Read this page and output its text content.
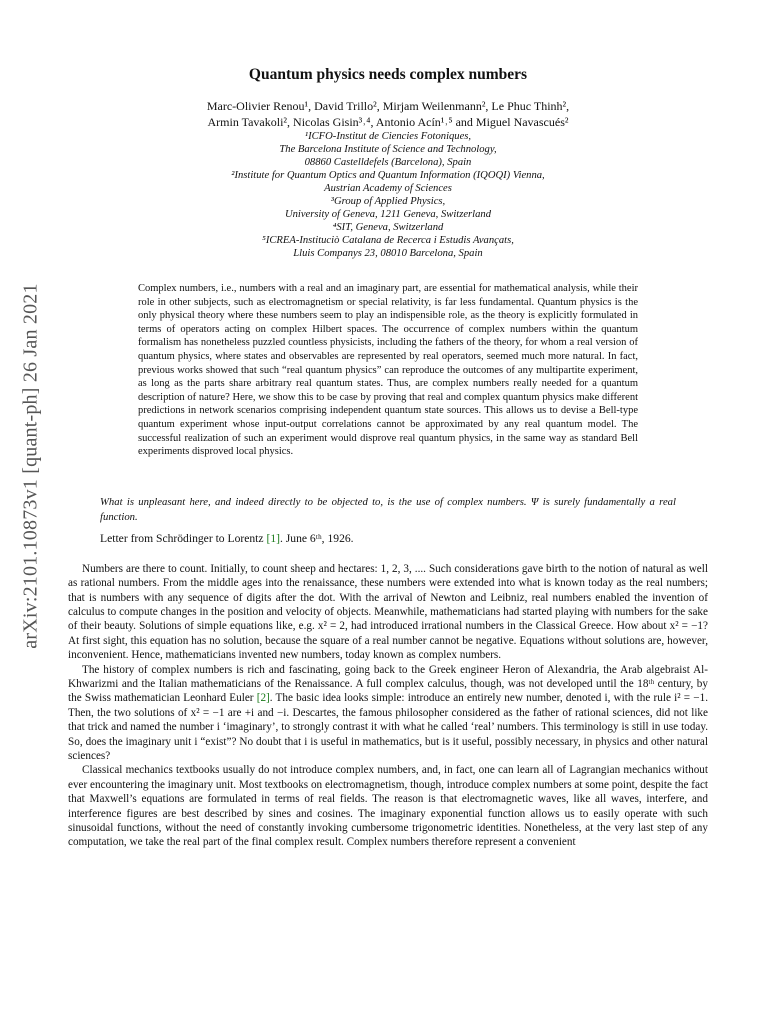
arXiv:2101.10873v1 [quant-ph] 26 Jan 2021
Quantum physics needs complex numbers
Marc-Olivier Renou¹, David Trillo², Mirjam Weilenmann², Le Phuc Thinh²,
Armin Tavakoli², Nicolas Gisin³˒⁴, Antonio Acín¹˒⁵ and Miguel Navascués²
¹ICFO-Institut de Ciencies Fotoniques,
The Barcelona Institute of Science and Technology,
08860 Castelldefels (Barcelona), Spain
²Institute for Quantum Optics and Quantum Information (IQOQI) Vienna,
Austrian Academy of Sciences
³Group of Applied Physics,
University of Geneva, 1211 Geneva, Switzerland
⁴SIT, Geneva, Switzerland
⁵ICREA-Instituciò Catalana de Recerca i Estudis Avançats,
Lluis Companys 23, 08010 Barcelona, Spain
Complex numbers, i.e., numbers with a real and an imaginary part, are essential for mathematical analysis, while their role in other subjects, such as electromagnetism or special relativity, is far less fundamental. Quantum physics is the only physical theory where these numbers seem to play an indispensible role, as the theory is explicitly formulated in terms of operators acting on complex Hilbert spaces. The occurrence of complex numbers within the quantum formalism has nonetheless puzzled countless physicists, including the fathers of the theory, for whom a real version of quantum physics, where states and observables are represented by real operators, seemed much more natural. In fact, previous works showed that such “real quantum physics” can reproduce the outcomes of any multipartite experiment, as long as the parts share arbitrary real quantum states. Thus, are complex numbers really needed for a quantum description of nature? Here, we show this to be case by proving that real and complex quantum physics make different predictions in network scenarios comprising independent quantum state sources. This allows us to devise a Bell-type quantum experiment whose input-output correlations cannot be approximated by any real quantum model. The successful realization of such an experiment would disprove real quantum physics, in the same way as standard Bell experiments disproved local physics.
What is unpleasant here, and indeed directly to be objected to, is the use of complex numbers. Ψ is surely fundamentally a real function.
Letter from Schrödinger to Lorentz [1]. June 6ᵗʰ, 1926.

Numbers are there to count. Initially, to count sheep and hectares: 1, 2, 3, .... Such considerations gave birth to the notion of natural as well as rational numbers. From the middle ages into the renaissance, these numbers were extended into what is known today as the real numbers; that is numbers with any sequence of digits after the dot. With the arrival of Newton and Leibniz, real numbers enabled the invention of calculus to compute changes in the position and velocity of objects. Meanwhile, mathematicians had started playing with numbers for the sake of their beauty. Solutions of simple equations like, e.g. x² = 2, had introduced irrational numbers in the Classical Greece. How about x² = −1? At first sight, this equation has no solution, because the square of a real number cannot be negative. Equations without solutions are, however, inconvenient. Hence, mathematicians invented new numbers, today known as complex numbers.

The history of complex numbers is rich and fascinating, going back to the Greek engineer Heron of Alexandria, the Arab algebraist Al-Khwarizmi and the Italian mathematicians of the Renaissance. A full complex calculus, though, was not developed until the 18ᵗʰ century, by the Swiss mathematician Leonhard Euler [2]. The basic idea looks simple: introduce an entirely new number, denoted i, with the rule i² = −1. Then, the two solutions of x² = −1 are +i and −i. Descartes, the famous philosopher considered as the father of rational sciences, did not like that trick and named the number i ‘imaginary’, to strongly contrast it with what he called ‘real’ numbers. This terminology is still in use today. So, does the imaginary unit i “exist”? No doubt that i is useful in mathematics, but is it useful, possibly necessary, in physics and other natural sciences?

Classical mechanics textbooks usually do not introduce complex numbers, and, in fact, one can learn all of Lagrangian mechanics without ever encountering the imaginary unit. Most textbooks on electromagnetism, though, introduce complex numbers at some point, despite the fact that Maxwell’s equations are formulated in terms of real fields. The reason is that electromagnetic waves, like all waves, interfere, and interference figures are best described by sines and cosines. The imaginary exponential function allows us to easily operate with such sinusoidal functions, without the need of constantly invoking cumbersome trigonometric identities. Nonetheless, at the very last step of any computation, we take the real part of the final complex result. Complex numbers therefore represent a convenient
